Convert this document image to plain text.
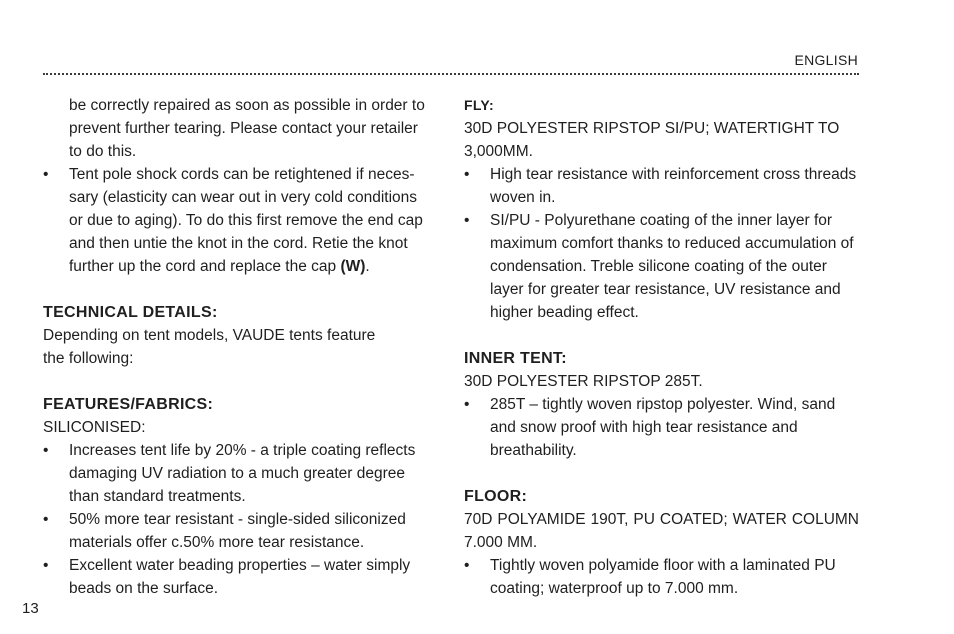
ENGLISH

be correctly repaired as soon as possible in order to prevent further tearing. Please contact your retailer to do this.

• Tent pole shock cords can be retightened if necessary (elasticity can wear out in very cold conditions or due to aging). To do this first remove the end cap and then untie the knot in the cord. Retie the knot further up the cord and replace the cap (W).
TECHNICAL DETAILS:

Depending on tent models, VAUDE tents feature the following:

FEATURES/FABRICS:

SILICONISED:

• Increases tent life by 20% - a triple coating reflects damaging UV radiation to a much greater degree than standard treatments.
• 50% more tear resistant - single-sided siliconized materials offer c.50% more tear resistance.
• Excellent water beading properties – water simply beads on the surface.
FLY:

30D POLYESTER RIPSTOP SI/PU; WATERTIGHT TO 3,000MM.

• High tear resistance with reinforcement cross threads woven in.
• SI/PU - Polyurethane coating of the inner layer for maximum comfort thanks to reduced accumulation of condensation. Treble silicone coating of the outer layer for greater tear resistance, UV resistance and higher beading effect.
INNER TENT:

30D POLYESTER RIPSTOP 285T.

• 285T – tightly woven ripstop polyester. Wind, sand and snow proof with high tear resistance and breathability.
FLOOR:

70D POLYAMIDE 190T, PU COATED; WATER COLUMN 7.000 MM.

• Tightly woven polyamide floor with a laminated PU coating; waterproof up to 7.000 mm.
13
